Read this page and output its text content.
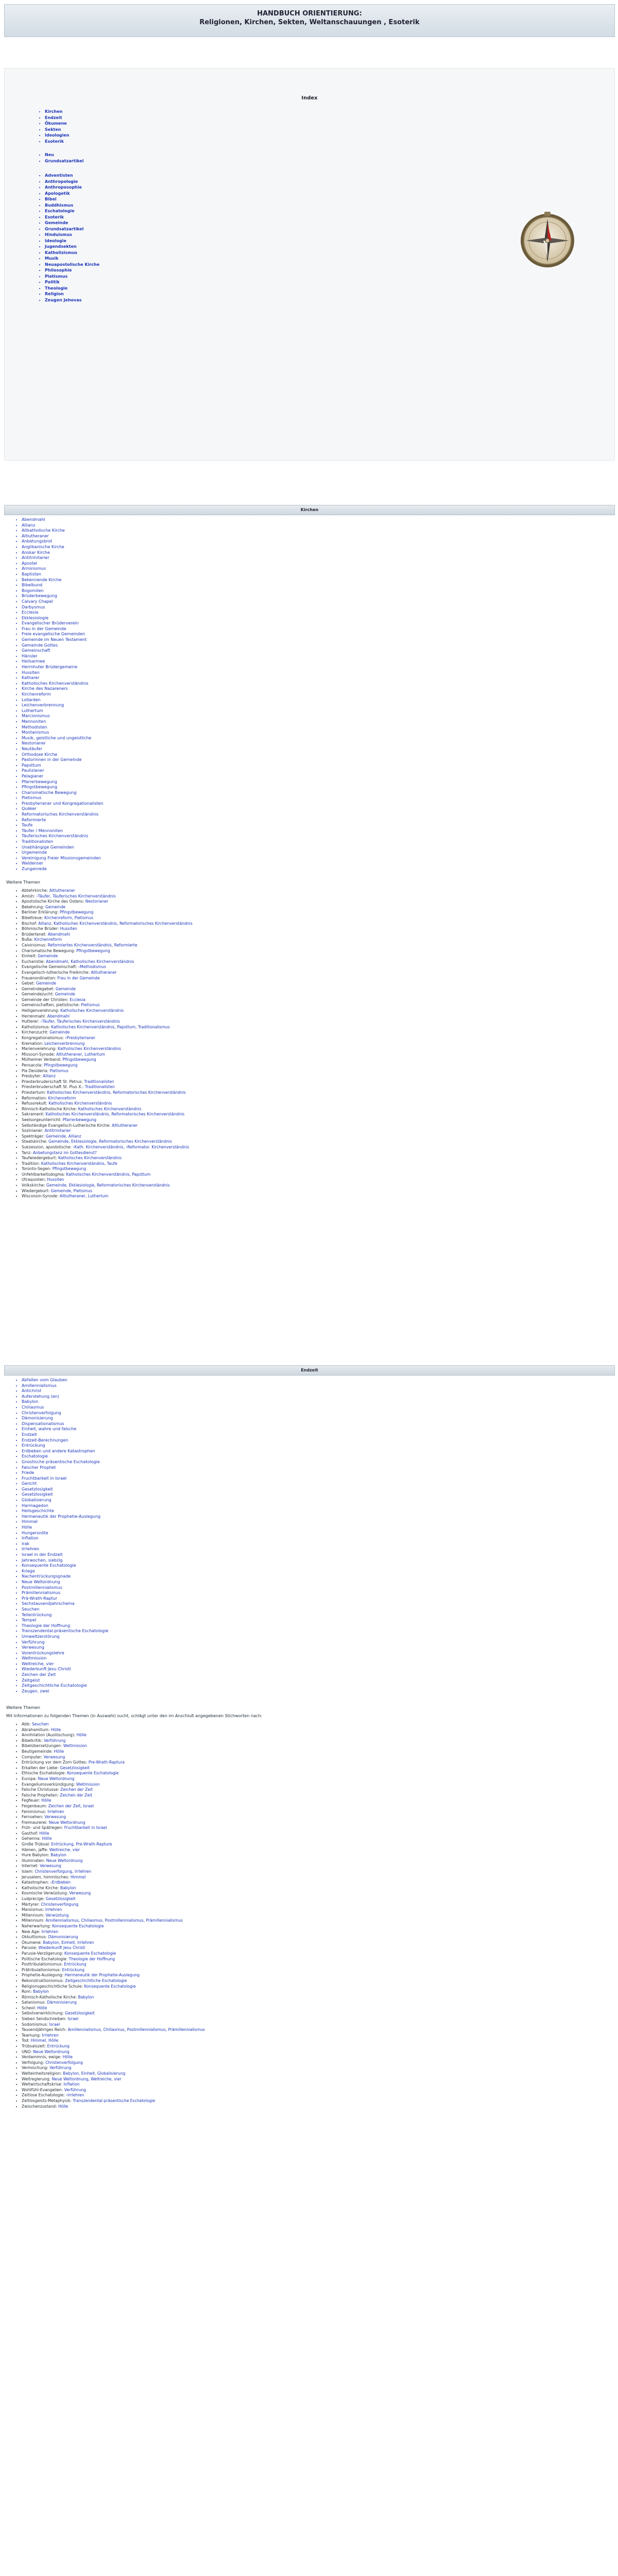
HANDBUCH ORIENTIERUNG:
Religionen, Kirchen, Sekten, Weltanschauungen , Esoterik
Index
• Kirchen
• Endzeit
• Ökumene
• Sekten
• Ideologien
• Esoterik
• Neu
• Grundsatzartikel
• Adventisten
• Anthropologie
• Anthroposophie
• Apologetik
• Bibel
• Buddhismus
• Eschatologie
• Esoterik
• Gemeinde
• Grundsatzartikel
• Hinduismus
• Ideologie
• Jugendsekten
• Katholizismus
• Musik
• Neuapostolische Kirche
• Philosophie
• Pietismus
• Politik
• Theologie
• Religion
• Zeugen Jehovas
Kirchen
• Abendmahl
• Allianz
• Altkatholische Kirche
• Altlutheraner
• Anbetungsbrot
• Anglikanische Kirche
• Anskar Kirche
• Antitrinitarier
• Apostel
• Arminismus
• Baptisten
• Bekennende Kirche
• Bibelbund
• Bogomilen
• Brüderbewegung
• Calvary Chapel
• Darbysmus
• Ecclesia
• Ekklesiologie
• Evangelischer Brüderverein
• Frau in der Gemeinde
• Freie evangelische Gemeinden
• Gemeinde im Neuen Testament
• Gemeinde Gottes
• Gemeinschaft
• Hänsler
• Heilsarmee
• Herrnhuter Brüdergemeine
• Hussiten
• Katharer
• Katholisches Kirchenverständnis
• Kirche des Nazareners
• Kirchenreform
• Lollarden
• Leichenverbrennung
• Luthertum
• Marcionismus
• Mennoniten
• Methodisten
• Montanismus
• Musik, geistliche und ungeistliche
• Nestorianer
• Neutäufer
• Orthodoxe Kirche
• Pastorinnen in der Gemeinde
• Papsttum
• Paulizianer
• Pelagianer
• Pfarrerbewegung
• Pfingstbewegung
• Charismatische Bewegung
• Pietismus
• Presbyterianer und Kongregationalisten
• Quäker
• Reformatorisches Kirchenverständnis
• Reformierte
• Taufe
• Täufer / Mennoniten
• Täuferisches Kirchenverständnis
• Traditionalisten
• Unabhängige Gemeinden
• Urgemeinde
• Vereinigung Freier Missionsgemeinden
• Waldenser
• Zungenrede
Weitere Themen
• Abtehrkirche: Altlutheraner
• Amish: ›Täufer, Täuferisches Kirchenverständnis
• Apostolische Kirche des Ostens: Nestorianer
• Bekehrung: Gemeinde
• Berliner Erklärung: Pfingstbewegung
• Bibeltreue: Kirchenreform, Pietismus
• Bischof: Allianz, Katholisches Kirchenverständnis, Reformatorisches Kirchenverständnis
• Böhmische Brüder: Hussiten
• Brüdertenet: Abendmahl
• Bußa: Kirchenreform
• Calvinismus: Reformiertes Kirchenverständnis, Reformierte
• Charismatische Bewegung: Pfingstbewegung
• Einheit: Gemeinde
• Eucharistie: Abendmahl, Katholisches Kirchenverständnis
• Evangelische Gemeinschaft: ›Methodismus
• Evangelisch-lutherische Freikirche: Altlutheraner
• Frauenordination: Frau in der Gemeinde
• Gebet: Gemeinde
• Gemeindegebet: Gemeinde
• Gemeindezucht: Gemeinde
• Gemeinde der Christen: Ecclesia
• Gemeinschaften, pietistische: Pietismus
• Heiligenverehrung: Katholisches Kirchenverständnis
• Herrenmahl: Abendmahl
• Hutterer: ›Täufer, Täuferisches Kirchenverständnis
• Katholizismus: Katholisches Kirchenverständnis, Papsttum, Traditionalismus
• Kirchenzucht: Gemeinde
• Kongregationalismus: ›Presbyterianer
• Kremation: Leichenverbrennung
• Marienverehrung: Katholisches Kirchenverständnis
• Missouri-Synode: Altlutheraner, Luthertum
• Mülheimer Verband: Pfingstbewegung
• Pensacola: Pfingstbewegung
• Pia Desideria: Pietismus
• Presbyter: Allianz
• Priesterbruderschaft St. Petrus: Traditionalisten
• Priesterbruderschaft St. Pius X.: Traditionalisten
• Priestertum: Katholisches Kirchenverständnis, Reformatorisches Kirchenverständnis
• Reformation: Kirchenreform
• Refusorekult: Katholisches Kirchenverständnis
• Römisch-Katholische Kirche: Katholisches Kirchenverständnis
• Sakrament: Katholisches Kirchenverständnis, Reformatorisches Kirchenverständnis
• Seelsorgeunterricht: Pfarrerbewegung
• Selbständige Evangelisch-Lutherische Kirche: Altlutheraner
• Sozinianer: Antitrinitarier
• Spekträger: Gemeinde, Allianz
• Staatskirche: Gemeinde, Ekklesiologie, Reformatorisches Kirchenverständnis
• Sukzession, apostolische: ›Kath. Kirchenverständnis, ›Reformator. Kirchenverständnis
• Tanz: Anbetungstanz im Gottesdienst?
• Taufwiedergeburt: Katholisches Kirchenverständnis
• Tradition: Katholisches Kirchenverständnis, Taufe
• Toronto-Segen: Pfingstbewegung
• Unfehlbarkeitsdogma: Katholisches Kirchenverständnis, Papsttum
• Utraquisten: Hussiten
• Volkskirche: Gemeinde, Ekklesiologie, Reformatorisches Kirchenverständnis
• Wiedergeburt: Gemeinde, Pietismus
• Wisconsin-Synode: Altlutheraner, Luthertum
Endzeit
• Abfallen vom Glauben
• Amillennialismus
• Antichrist
• Auferstehung (en)
• Babylon
• Chiliasmus
• Christenverfolgung
• Dämonisierung
• Dispensationalismus
• Einheit, wahre und falsche
• Endzeit
• Endzeit-Berechnungen
• Entrückung
• Erdbeben und andere Katastrophen
• Eschatologie
• Gnostische präsentische Eschatologie
• Falscher Prophet
• Friede
• Fruchtbarkeit in Israel
• Gericht
• Gesetzlosigkeit
• Gesetzlosigkeit
• Globalisierung
• Harmagedon
• Heilsgeschichte
• Hermeneutik der Prophetie-Auslegung
• Himmel
• Hölle
• Hungersnöte
• Inflation
• Irak
• Irrlehren
• Israel in der Endzeit
• Jahrwochen, siebzig
• Konsequente Eschatologie
• Kriege
• Nachentrückungsgnade
• Neue Weltordnung
• Postmillennialismus
• Prämillennialismus
• Prä-Wrath-Raptur
• Sechstausendjahrschema
• Seuchen
• Teilentrückung
• Tempel
• Theologie der Hoffnung
• Transzendental-präsentische Eschatologie
• Umweltzerstörung
• Verführung
• Verwesung
• Vorentrückungslehre
• Weltmission
• Weltreiche, vier
• Wiederkunft Jesu Christi
• Zeichen der Zeit
• Zeitgeist
• Zeitgeschichtliche Eschatologie
• Zeugen, zwei
Weitere Themen
Mit Informationen zu folgenden Themen (in Auswahl) sucht, schlägt unter den im Anschluß angegebenen Stichworten nach:
• Abb: Seuchen
• Abrahamitum: Hölle
• Annihilation (Auslöschung): Hölle
• Bibelkritik: Verführung
• Bibelübersetzungen: Weltmission
• Beutigemeinde: Hölle
• Computer: Verwesung
• Entrückung vor dem Zorn Gottes: Pre-Wrath-Raptura
• Erkalten der Liebe: Gesetzlosigkeit
• Ethische Eschatologie: Konsequente Eschatologie
• Europa: Neue Weltordnung
• Evangeliumsverkündigung: Weltmission
• Falsche Christusse: Zeichen der Zeit
• Falsche Propheten: Zeichen der Zeit
• Fegfeuer: Hölle
• Feigenbaum: Zeichen der Zeit, Israel
• Feminismus: Irrlehren
• Fernsehen: Verwesung
• Freimaurerei: Neue Weltordnung
• Früh- und Spätregen: Fruchtbarkeit in Israel
• Gasthof: Hölle
• Gehenna: Hölle
• Große Trübsal: Entrückung, Pre-Wrath-Rapture
• Hämen, jaffe: Weltreiche, vier
• Hure Babylon: Babylon
• Illuminaten: Neue Weltordnung
• Internet: Verwesung
• Islam: Christenverfolgung, Irrlehren
• Jerusalem, himmlisches: Himmel
• Katastrophen: ›Erdbeben
• Katholische Kirche: Babylon
• Kosmische Verwüstung: Verwesung
• Ludprecige: Gesetzlosigkeit
• Märtyrer: Christenverfolgung
• Marxismus: Irrlehren
• Millennium: Verwüstung
• Millennium: Amillennialismus, Chiliasmus, Postmillennialismus, Prämillennialismus
• Naherwartung: Konsequente Eschatologie
• New Age: Irrlehren
• Okkultismus: Dämonisierung
• Ökumene: Babylon, Einheit, Irrlehren
• Parusie: Wiederkunft Jesu Christi
• Parusie-Verzögerung: Konsequente Eschatologie
• Politische Eschatologie: Theologie der Hoffnung
• Posttribulationismus: Entrückung
• Prätribulationismus: Entrückung
• Prophetie-Auslegung: Hermeneutik der Prophetie-Auslegung
• Rekonstruktionismus: Zeitgeschichtliche Eschatologie
• Religionsgeschichtliche Schule: Konsequente Eschatologie
• Rom: Babylon
• Römisch-Katholische Kirche: Babylon
• Satanismus: Dämonisierung
• Scheol: Hölle
• Selbstverwirklichung: Gesetzlosigkeit
• Sieben Sendschreiben: Israel
• Sodomismus: Israel
• Tausendjähriges Reich: Amillennialismus, Chiliasmus, Postmillennialismus, Prämillennialismus
• Teamung: Irrlehren
• Tod: Himmel, Hölle
• Trübsalszeit: Entrückung
• UNO: Neue Weltordnung
• Verdammnis, ewige: Hölle
• Verfolgung: Christenverfolgung
• Vermischung: Verführung
• Welteinheitsreligion: Babylon, Einheit, Globalisierung
• Weltregierung: Neue Weltordnung, Weltreiche, vier
• Weltwirtschaftskrise: Inflation
• Wohlfühl-Evangelien: Verführung
• Zeitlose Eschatologie: ›Irrlehren
• Zeitlosgeists-Metaphysik: Transzendental-präsentische Eschatologie
• Zwischenzustand: Hölle
